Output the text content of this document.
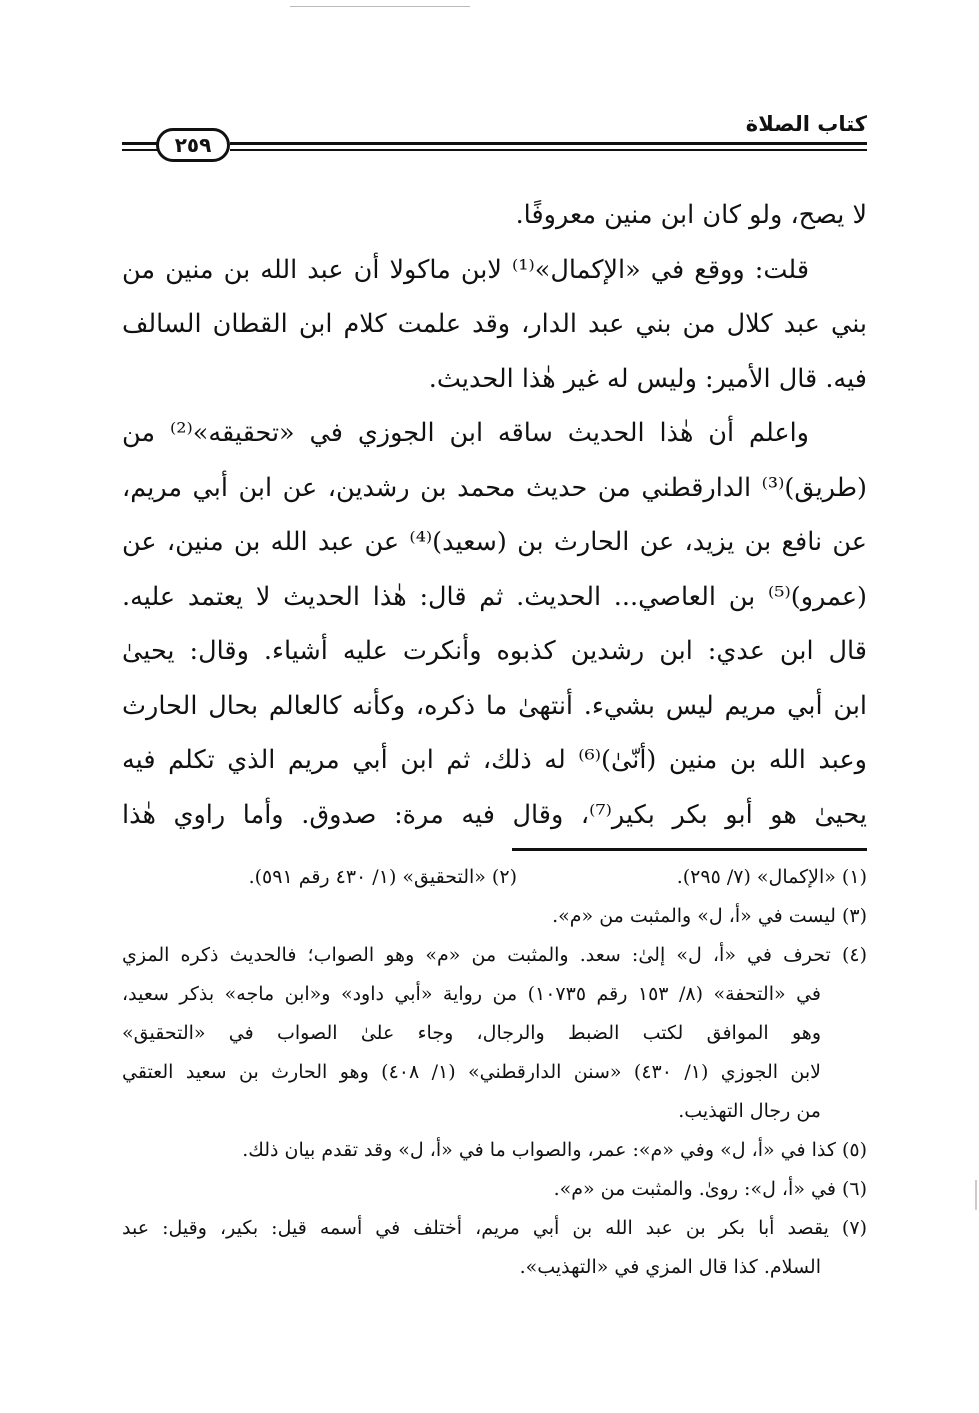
كتاب الصلاة
٢٥٩
لا يصح، ولو كان ابن منين معروفًا.
قلت: ووقع في «الإكمال»⁽¹⁾ لابن ماكولا أن عبد الله بن منين من
بني عبد كلال من بني عبد الدار، وقد علمت كلام ابن القطان السالف
فيه. قال الأمير: وليس له غير هٰذا الحديث.
واعلم أن هٰذا الحديث ساقه ابن الجوزي في «تحقيقه»⁽²⁾ من
(طريق)⁽³⁾ الدارقطني من حديث محمد بن رشدين، عن ابن أبي مريم،
عن نافع بن يزيد، عن الحارث بن (سعيد)⁽⁴⁾ عن عبد الله بن منين، عن
(عمرو)⁽⁵⁾ بن العاصي... الحديث. ثم قال: هٰذا الحديث لا يعتمد عليه.
قال ابن عدي: ابن رشدين كذبوه وأنكرت عليه أشياء. وقال: يحيىٰ
ابن أبي مريم ليس بشيء. أنتهىٰ ما ذكره، وكأنه كالعالم بحال الحارث
وعبد الله بن منين (أنّىٰ)⁽⁶⁾ له ذلك، ثم ابن أبي مريم الذي تكلم فيه
يحيىٰ هو أبو بكر بكير⁽⁷⁾، وقال فيه مرة: صدوق. وأما راوي هٰذا
(١) «الإكمال» (٧/ ٢٩٥).
(٢) «التحقيق» (١/ ٤٣٠ رقم ٥٩١).
(٣) ليست في «أ، ل» والمثبت من «م».
(٤) تحرف في «أ، ل» إلىٰ: سعد. والمثبت من «م» وهو الصواب؛ فالحديث ذكره المزي
في «التحفة» (٨/ ١٥٣ رقم ١٠٧٣٥) من رواية «أبي داود» و«ابن ماجه» بذكر سعيد،
وهو الموافق لكتب الضبط والرجال، وجاء علىٰ الصواب في «التحقيق»
لابن الجوزي (١/ ٤٣٠) «سنن الدارقطني» (١/ ٤٠٨) وهو الحارث بن سعيد العتقي
من رجال التهذيب.
(٥) كذا في «أ، ل» وفي «م»: عمر، والصواب ما في «أ، ل» وقد تقدم بيان ذلك.
(٦) في «أ، ل»: روىٰ. والمثبت من «م».
(٧) يقصد أبا بكر بن عبد الله بن أبي مريم، أختلف في أسمه قيل: بكير، وقيل: عبد
السلام. كذا قال المزي في «التهذيب».
